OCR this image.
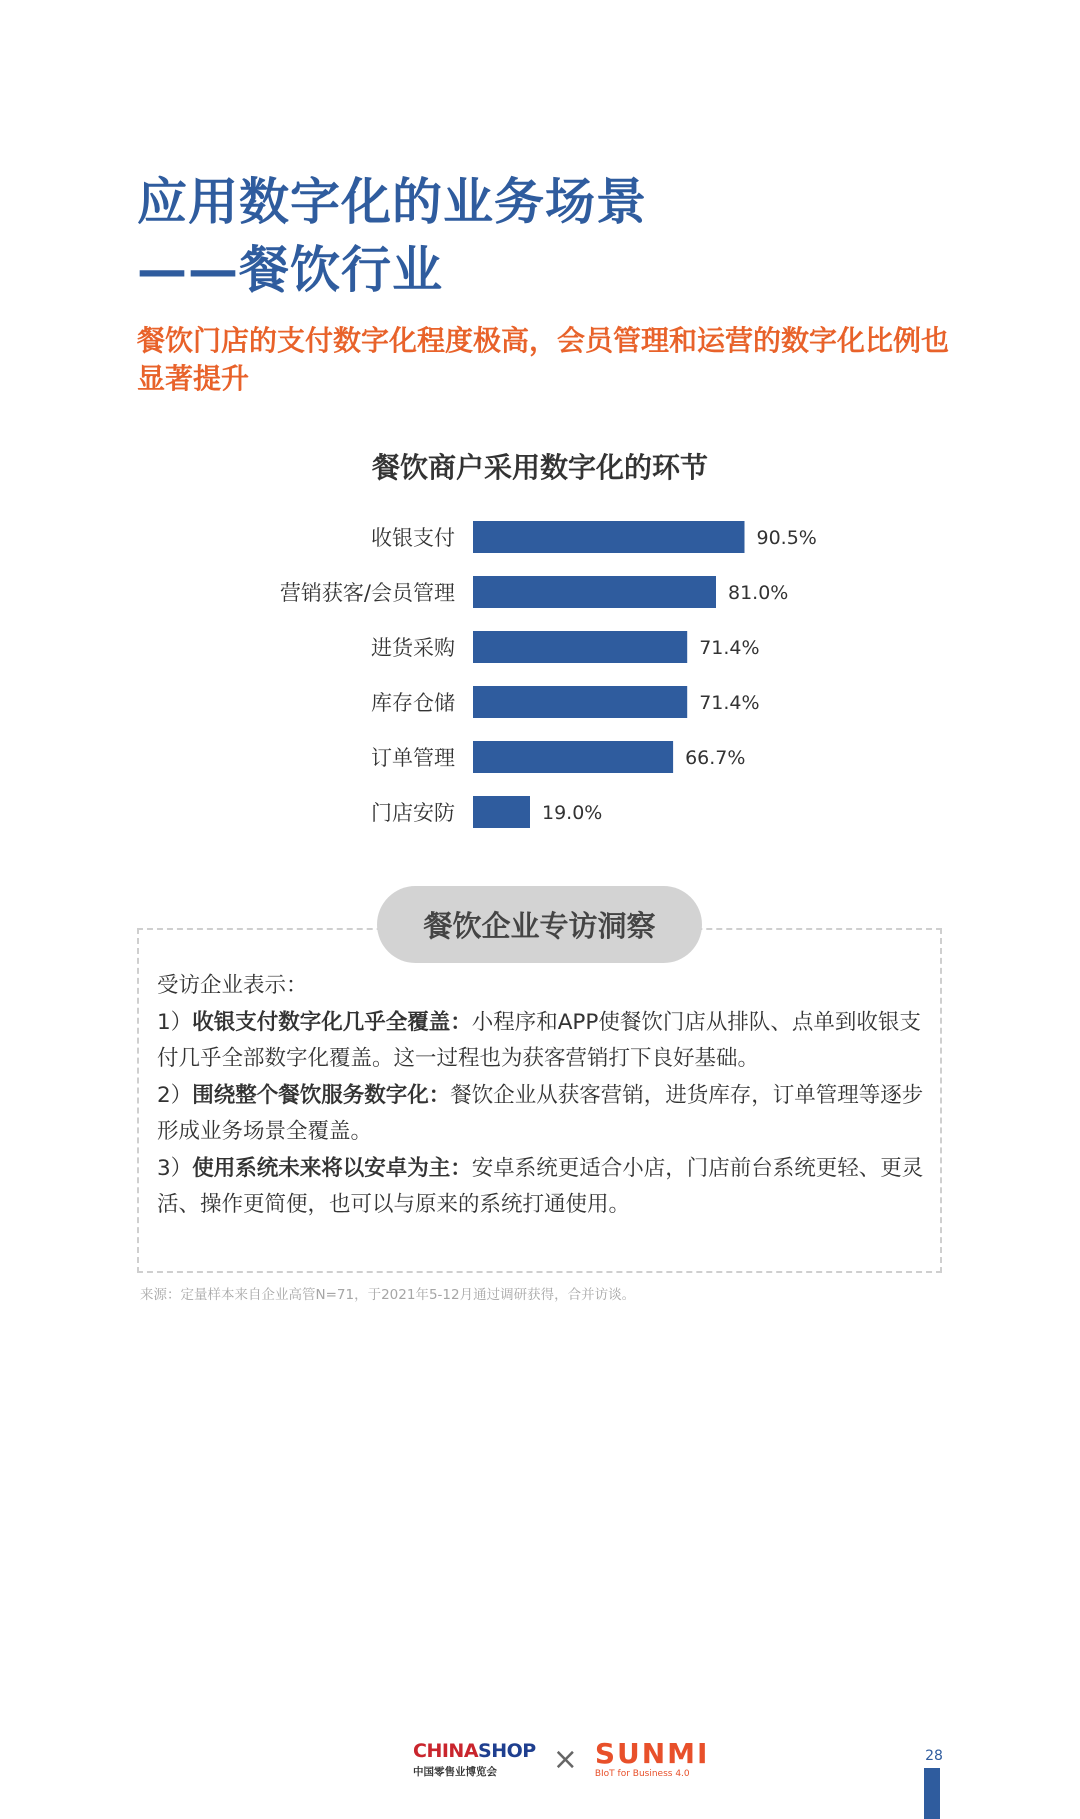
应用数字化的业务场景
——餐饮行业

餐饮门店的支付数字化程度极高，会员管理和运营的数字化比例也显著提升

餐饮商户采用数字化的环节
收银支付	90.5%
营销获客/会员管理	81.0%
进货采购	71.4%
库存仓储	71.4%
订单管理	66.7%
门店安防	19.0%
餐饮企业专访洞察

受访企业表示：

1）收银支付数字化几乎全覆盖：小程序和APP使餐饮门店从排队、点单到收银支付几乎全部数字化覆盖。这一过程也为获客营销打下良好基础。

2）围绕整个餐饮服务数字化：餐饮企业从获客营销，进货库存，订单管理等逐步形成业务场景全覆盖。

3）使用系统未来将以安卓为主：安卓系统更适合小店，门店前台系统更轻、更灵活、操作更简便，也可以与原来的系统打通使用。

来源：定量样本来自企业高管N=71，于2021年5-12月通过调研获得，合并访谈。
CHINASHOP
中国零售业博览会	× SUNMI
BIoT for Business 4.0
28
